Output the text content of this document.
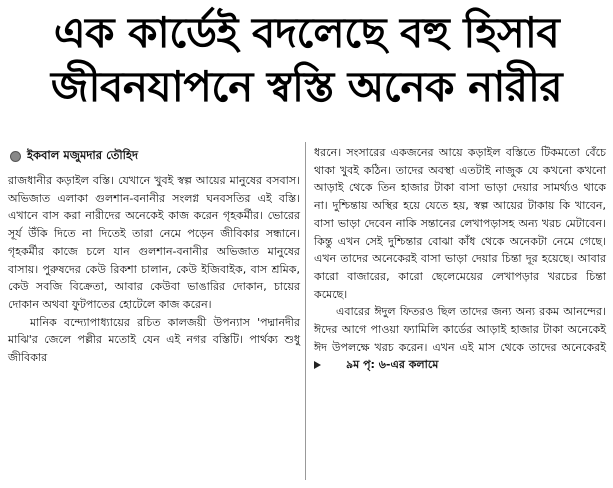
এক কার্ডেই বদলেছে বহু হিসাব
জীবনযাপনে স্বস্তি অনেক নারীর
ইকবাল মজুমদার তৌহিদ

রাজধানীর কড়াইল বস্তি। যেখানে খুবই স্বল্প আয়ের মানুষের বসবাস। অভিজাত এলাকা গুলশান-বনানীর সংলগ্ন ঘনবসতির এই বস্তি। এখানে বাস করা নারীদের অনেকেই কাজ করেন গৃহকর্মীর। ভোরের সূর্য উঁকি দিতে না দিতেই তারা নেমে পড়েন জীবিকার সন্ধানে। গৃহকর্মীর কাজে চলে যান গুলশান-বনানীর অভিজাত মানুষের বাসায়। পুরুষদের কেউ রিকশা চালান, কেউ ইজিবাইক, বাস শ্রমিক, কেউ সবজি বিক্রেতা, আবার কেউবা ভাঙারির দোকান, চায়ের দোকান অথবা ফুটপাতের হোটেলে কাজ করেন।

মানিক বন্দ্যোপাধ্যায়ের রচিত কালজয়ী উপন্যাস 'পদ্মানদীর মাঝি'র জেলে পল্লীর মতোই যেন এই নগর বস্তিটি। পার্থক্য শুধু জীবিকার

ধরনে। সংসারের একজনের আয়ে কড়াইল বস্তিতে টিকমতো বেঁচে থাকা খুবই কঠিন। তাদের অবস্থা এতটাই নাজুক যে কখনো কখনো আড়াই থেকে তিন হাজার টাকা বাসা ভাড়া দেয়ার সামর্থ্যও থাকে না। দুশ্চিন্তায় অস্থির হয়ে যেতে হয়, স্বল্প আয়ের টাকায় কি খাবেন, বাসা ভাড়া দেবেন নাকি সন্তানের লেখাপড়াসহ অন্য খরচ মেটাবেন। কিন্তু এখন সেই দুশ্চিন্তার বোঝা কাঁধ থেকে অনেকটা নেমে গেছে। এখন তাদের অনেকেরই বাসা ভাড়া দেয়ার চিন্তা দূর হয়েছে। আবার কারো বাজারের, কারো ছেলেমেয়ের লেখাপড়ার খরচের চিন্তা কমেছে।

এবারের ঈদুল ফিতরও ছিল তাদের জন্য অন্য রকম আনন্দের। ঈদের আগে পাওয়া ফ্যামিলি কার্ডের আড়াই হাজার টাকা অনেকেই ঈদ উপলক্ষে খরচ করেন। এখন এই মাস থেকে তাদের অনেকেরই
৯ম পৃ: ৬-এর কলামে
